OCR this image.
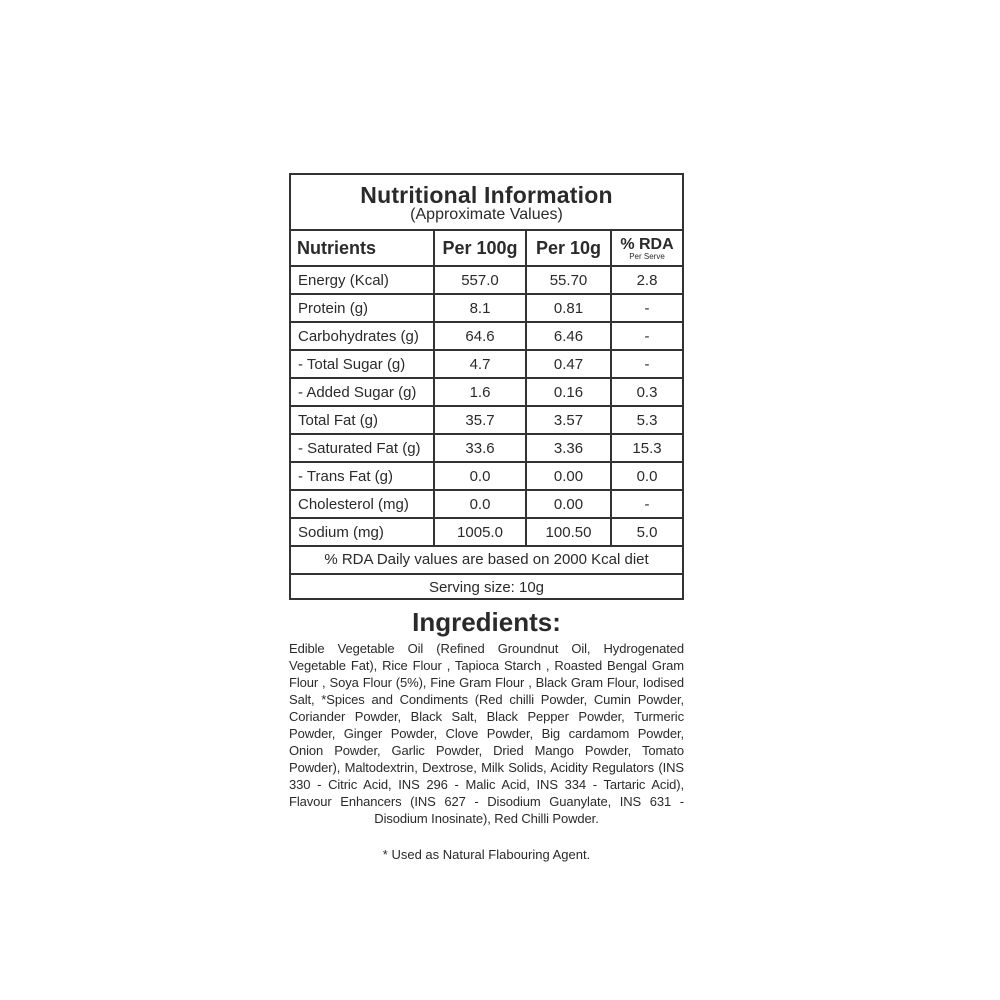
Nutritional Information
(Approximate Values)
Nutrients	Per 100g	Per 10g	% RDA
Per Serve

Energy (Kcal)	557.0	55.70	2.8
Protein (g)	8.1	0.81	-
Carbohydrates (g)	64.6	6.46	-
- Total Sugar (g)	4.7	0.47	-
- Added Sugar (g)	1.6	0.16	0.3
Total Fat (g)	35.7	3.57	5.3
- Saturated Fat (g)	33.6	3.36	15.3
- Trans Fat (g)	0.0	0.00	0.0
Cholesterol (mg)	0.0	0.00	-
Sodium (mg)	1005.0	100.50	5.0
% RDA Daily values are based on 2000 Kcal diet
Serving size: 10g
Ingredients:
Edible Vegetable Oil (Refined Groundnut Oil, Hydrogenated Vegetable Fat), Rice Flour , Tapioca Starch , Roasted Bengal Gram Flour , Soya Flour (5%), Fine Gram Flour , Black Gram Flour, Iodised Salt, *Spices and Condiments (Red chilli Powder, Cumin Powder, Coriander Powder, Black Salt, Black Pepper Powder, Turmeric Powder, Ginger Powder, Clove Powder, Big cardamom Powder, Onion Powder, Garlic Powder, Dried Mango Powder, Tomato Powder), Maltodextrin, Dextrose, Milk Solids, Acidity Regulators (INS 330 - Citric Acid, INS 296 - Malic Acid, INS 334 - Tartaric Acid), Flavour Enhancers (INS 627 - Disodium Guanylate, INS 631 - Disodium Inosinate), Red Chilli Powder.
* Used as Natural Flabouring Agent.
